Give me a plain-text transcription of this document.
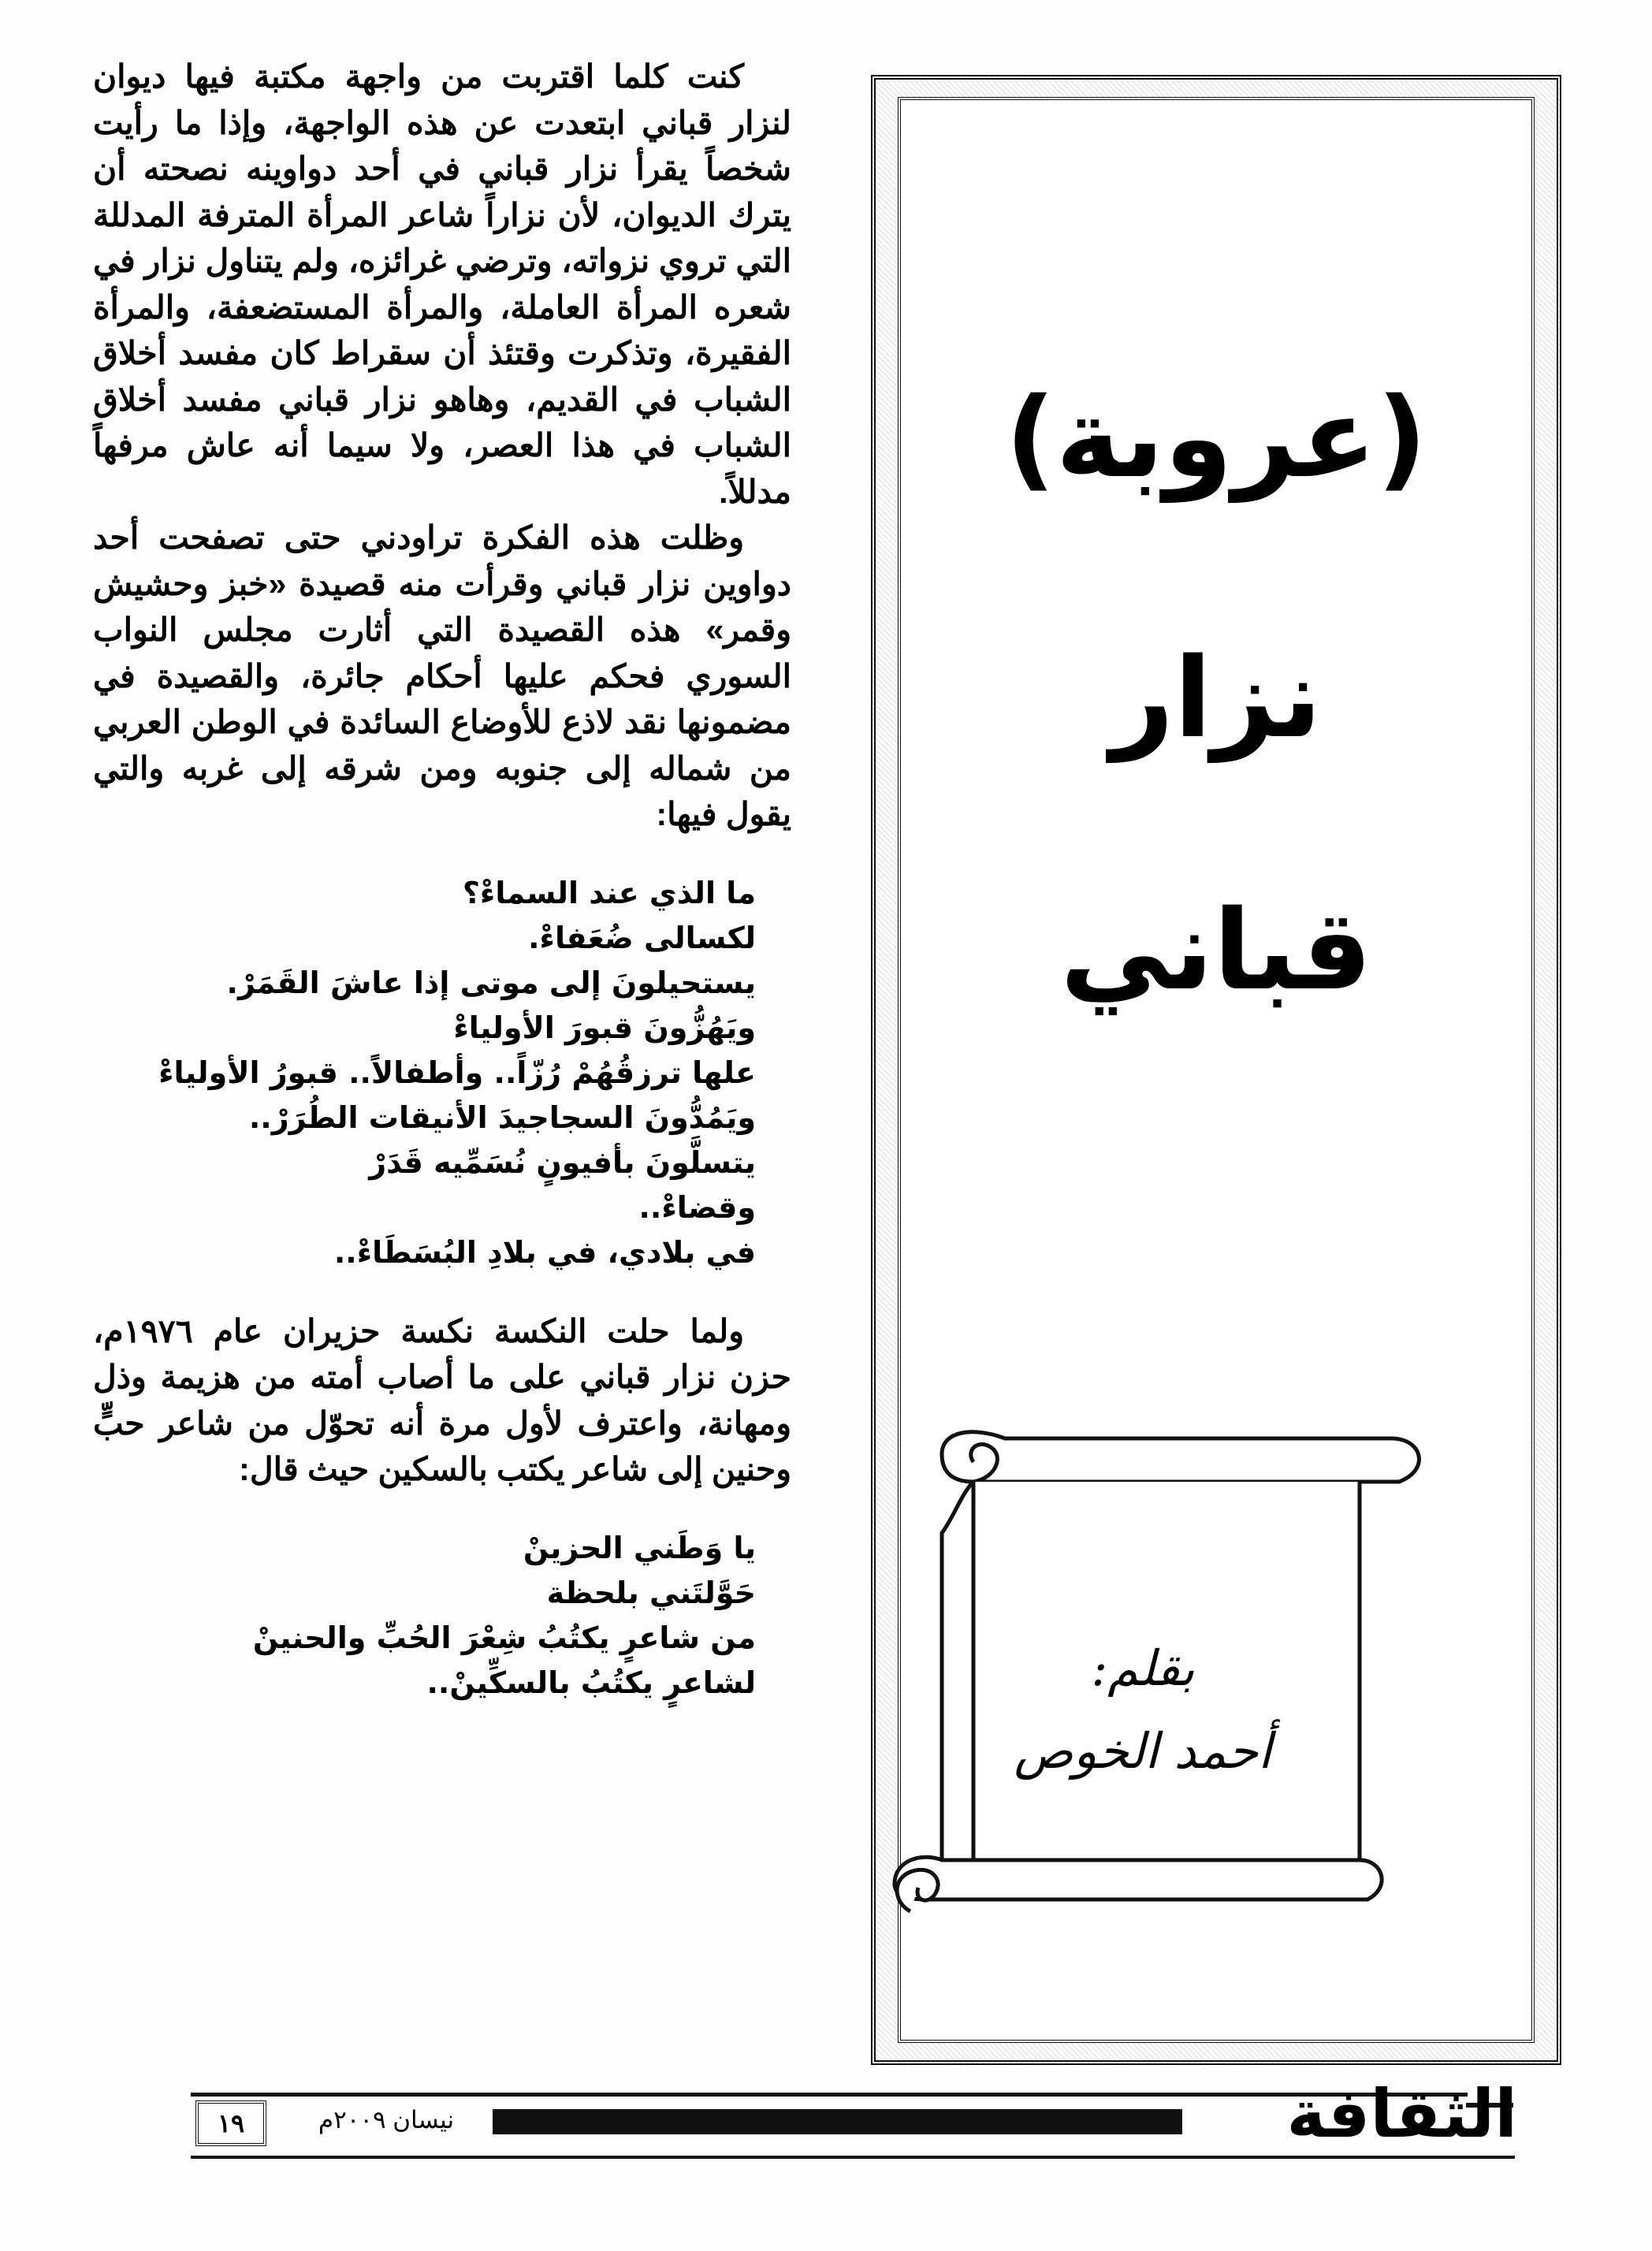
(عروبة)
نزار
قباني
بقلم:
أحمد الخوص

كنت كلما اقتربت من واجهة مكتبة فيها ديوان لنزار قباني ابتعدت عن هذه الواجهة، وإذا ما رأيت شخصاً يقرأ نزار قباني في أحد دواوينه نصحته أن يترك الديوان، لأن نزاراً شاعر المرأة المترفة المدللة التي تروي نزواته، وترضي غرائزه، ولم يتناول نزار في شعره المرأة العاملة، والمرأة المستضعفة، والمرأة الفقيرة، وتذكرت وقتئذ أن سقراط كان مفسد أخلاق الشباب في القديم، وهاهو نزار قباني مفسد أخلاق الشباب في هذا العصر، ولا سيما أنه عاش مرفهاً مدللاً.

وظلت هذه الفكرة تراودني حتى تصفحت أحد دواوين نزار قباني وقرأت منه قصيدة «خبز وحشيش وقمر» هذه القصيدة التي أثارت مجلس النواب السوري فحكم عليها أحكام جائرة، والقصيدة في مضمونها نقد لاذع للأوضاع السائدة في الوطن العربي من شماله إلى جنوبه ومن شرقه إلى غربه والتي يقول فيها:

ما الذي عند السماءْ؟
لكسالى ضُعَفاءْ.
يستحيلونَ إلى موتى إذا عاشَ القَمَرْ.
ويَهُزُّونَ قبورَ الأولياءْ
علها ترزقُهُمْ رُزّاً.. وأطفالاً.. قبورُ الأولياءْ
ويَمُدُّونَ السجاجيدَ الأنيقات الطُرَرْ..
يتسلَّونَ بأفيونٍ نُسَمِّيه قَدَرْ
وقضاءْ..
في بلادي، في بلادِ البُسَطَاءْ..

ولما حلت النكسة نكسة حزيران عام ١٩٧٦م، حزن نزار قباني على ما أصاب أمته من هزيمة وذل ومهانة، واعترف لأول مرة أنه تحوّل من شاعر حبٍّ وحنين إلى شاعر يكتب بالسكين حيث قال:

يا وَطَني الحزينْ
حَوَّلتَني بلحظة
من شاعرٍ يكتُبُ شِعْرَ الحُبِّ والحنينْ
لشاعرٍ يكتُبُ بالسكِّينْ..
الثقافة
نيسان ٢٠٠٩م
١٩
